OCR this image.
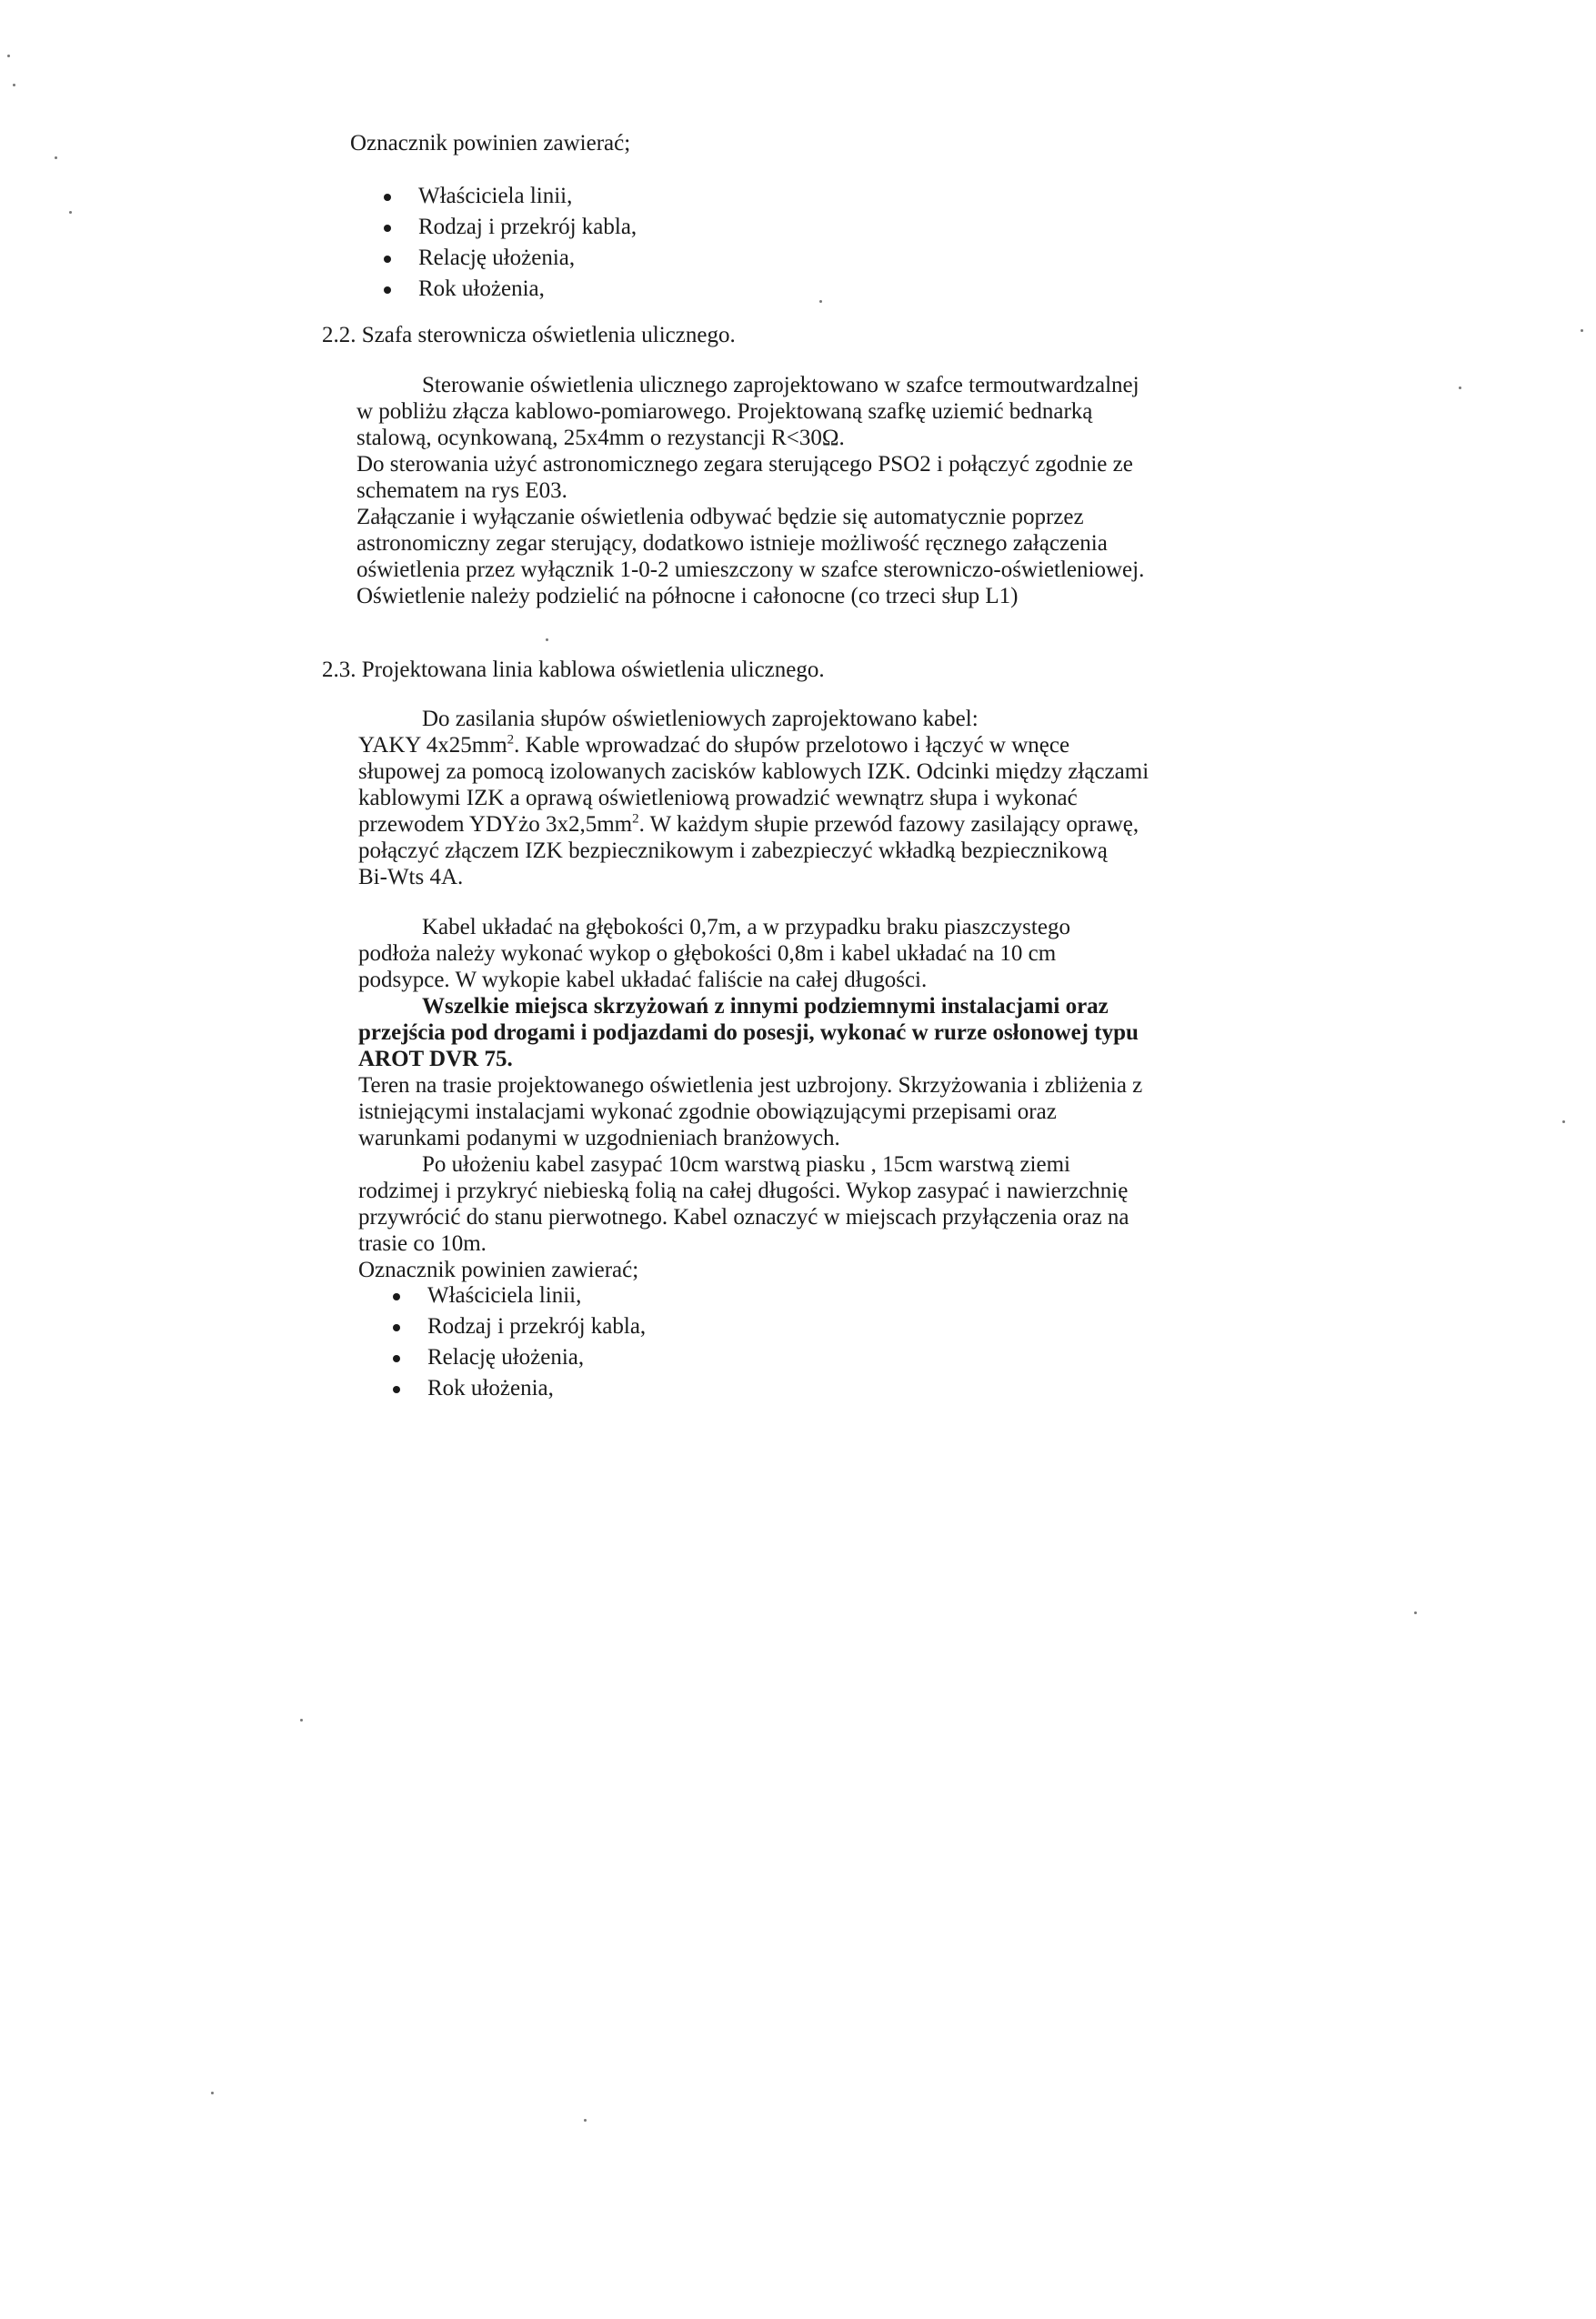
Oznacznik powinien zawierać;
Właściciela linii,
Rodzaj i przekrój kabla,
Relację ułożenia,
Rok ułożenia,
2.2. Szafa sterownicza oświetlenia ulicznego.
Sterowanie oświetlenia ulicznego zaprojektowano w szafce termoutwardzalnej
w pobliżu złącza kablowo-pomiarowego. Projektowaną szafkę uziemić bednarką
stalową, ocynkowaną, 25x4mm o rezystancji R<30Ω.
Do sterowania użyć astronomicznego zegara sterującego PSO2 i połączyć zgodnie ze
schematem na rys E03.
Załączanie i wyłączanie oświetlenia odbywać będzie się automatycznie poprzez
astronomiczny zegar sterujący, dodatkowo istnieje możliwość ręcznego załączenia
oświetlenia przez wyłącznik 1-0-2 umieszczony w szafce sterowniczo-oświetleniowej.
Oświetlenie należy podzielić na północne i całonocne (co trzeci słup L1)
2.3. Projektowana linia kablowa oświetlenia ulicznego.
Do zasilania słupów oświetleniowych zaprojektowano kabel:
YAKY $4x25mm^2$. Kable wprowadzać do słupów przelotowo i łączyć w wnęce
słupowej za pomocą izolowanych zacisków kablowych IZK. Odcinki między złączami
kablowymi IZK a oprawą oświetleniową prowadzić wewnątrz słupa i wykonać
przewodem YDYżo $3x2,5mm^2$. W każdym słupie przewód fazowy zasilający oprawę,
połączyć złączem IZK bezpiecznikowym i zabezpieczyć wkładką bezpiecznikową
Bi-Wts 4A.
Kabel układać na głębokości 0,7m, a w przypadku braku piaszczystego
podłoża należy wykonać wykop o głębokości 0,8m i kabel układać na 10 cm
podsypce. W wykopie kabel układać faliście na całej długości.
Wszelkie miejsca skrzyżowań z innymi podziemnymi instalacjami oraz
przejścia pod drogami i podjazdami do posesji, wykonać w rurze osłonowej typu
AROT DVR 75.
Teren na trasie projektowanego oświetlenia jest uzbrojony. Skrzyżowania i zbliżenia z
istniejącymi instalacjami wykonać zgodnie obowiązującymi przepisami oraz
warunkami podanymi w uzgodnieniach branżowych.
Po ułożeniu kabel zasypać 10cm warstwą piasku , 15cm warstwą ziemi
rodzimej i przykryć niebieską folią na całej długości. Wykop zasypać i nawierzchnię
przywrócić do stanu pierwotnego. Kabel oznaczyć w miejscach przyłączenia oraz na
trasie co 10m.
Oznacznik powinien zawierać;
Właściciela linii,
Rodzaj i przekrój kabla,
Relację ułożenia,
Rok ułożenia,
